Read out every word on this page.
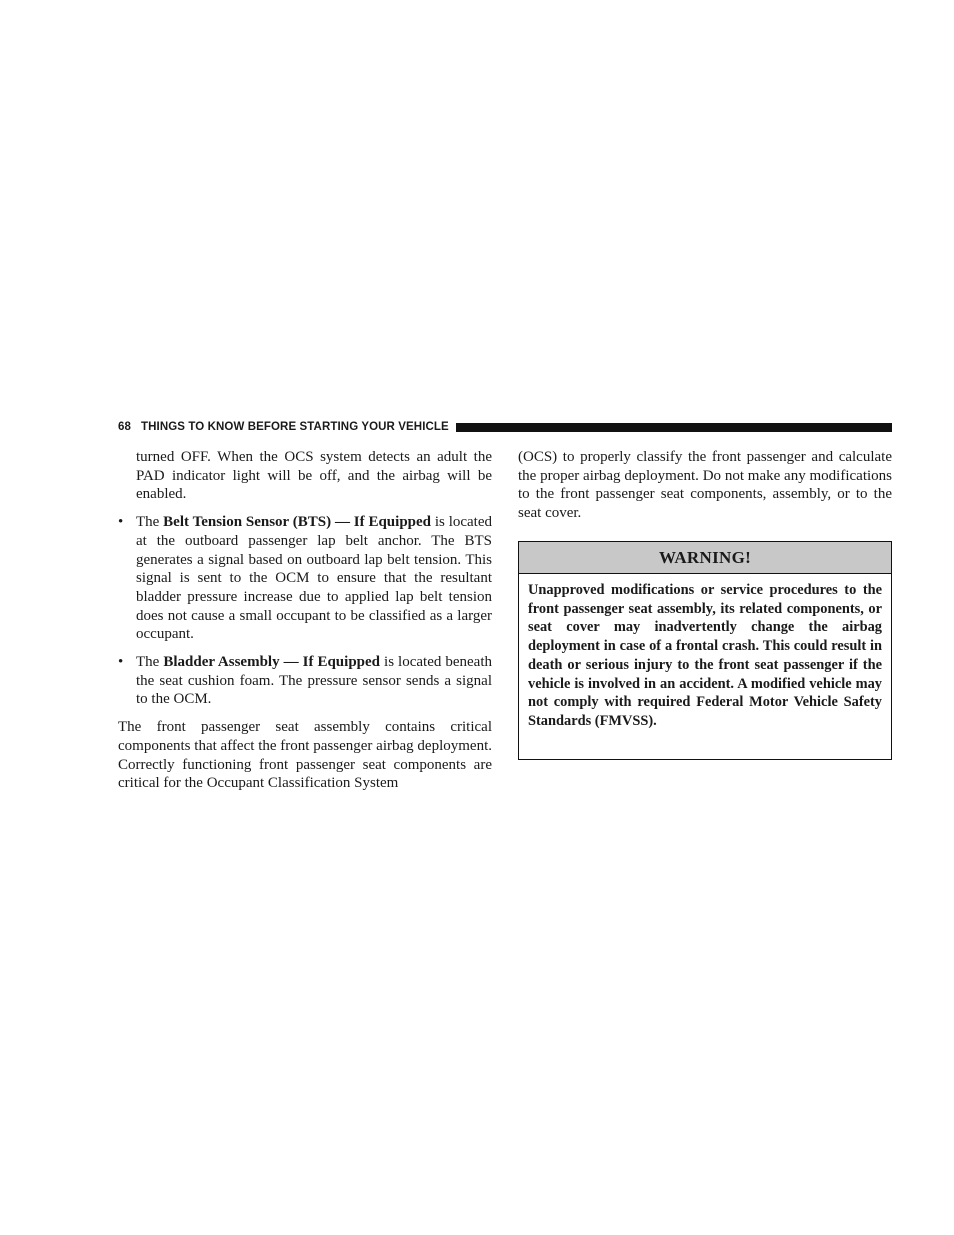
68 THINGS TO KNOW BEFORE STARTING YOUR VEHICLE

turned OFF. When the OCS system detects an adult the PAD indicator light will be off, and the airbag will be enabled.

• The Belt Tension Sensor (BTS) — If Equipped is located at the outboard passenger lap belt anchor. The BTS generates a signal based on outboard lap belt tension. This signal is sent to the OCM to ensure that the resultant bladder pressure increase due to applied lap belt tension does not cause a small occupant to be classified as a larger occupant.

• The Bladder Assembly — If Equipped is located beneath the seat cushion foam. The pressure sensor sends a signal to the OCM.

The front passenger seat assembly contains critical components that affect the front passenger airbag deployment. Correctly functioning front passenger seat components are critical for the Occupant Classification System

(OCS) to properly classify the front passenger and calculate the proper airbag deployment. Do not make any modifications to the front passenger seat components, assembly, or to the seat cover.

WARNING!
Unapproved modifications or service procedures to the front passenger seat assembly, its related components, or seat cover may inadvertently change the airbag deployment in case of a frontal crash. This could result in death or serious injury to the front seat passenger if the vehicle is involved in an accident. A modified vehicle may not comply with required Federal Motor Vehicle Safety Standards (FMVSS).
